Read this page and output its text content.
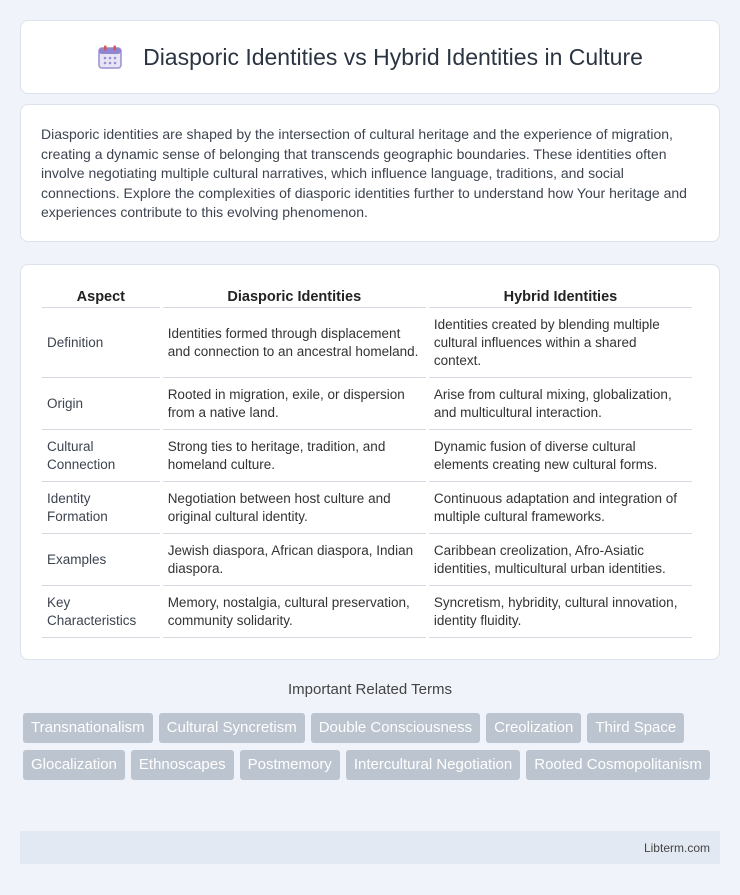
Diasporic Identities vs Hybrid Identities in Culture

Diasporic identities are shaped by the intersection of cultural heritage and the experience of migration, creating a dynamic sense of belonging that transcends geographic boundaries. These identities often involve negotiating multiple cultural narratives, which influence language, traditions, and social connections. Explore the complexities of diasporic identities further to understand how Your heritage and experiences contribute to this evolving phenomenon.

Aspect	Diasporic Identities	Hybrid Identities
Definition	Identities formed through displacement and connection to an ancestral homeland.	Identities created by blending multiple cultural influences within a shared context.
Origin	Rooted in migration, exile, or dispersion from a native land.	Arise from cultural mixing, globalization, and multicultural interaction.
Cultural Connection	Strong ties to heritage, tradition, and homeland culture.	Dynamic fusion of diverse cultural elements creating new cultural forms.
Identity Formation	Negotiation between host culture and original cultural identity.	Continuous adaptation and integration of multiple cultural frameworks.
Examples	Jewish diaspora, African diaspora, Indian diaspora.	Caribbean creolization, Afro-Asiatic identities, multicultural urban identities.
Key Characteristics	Memory, nostalgia, cultural preservation, community solidarity.	Syncretism, hybridity, cultural innovation, identity fluidity.
Important Related Terms
Transnationalism	Cultural Syncretism	Double Consciousness	Creolization	Third Space
Glocalization	Ethnoscapes	Postmemory	Intercultural Negotiation	Rooted Cosmopolitanism
Libterm.com
